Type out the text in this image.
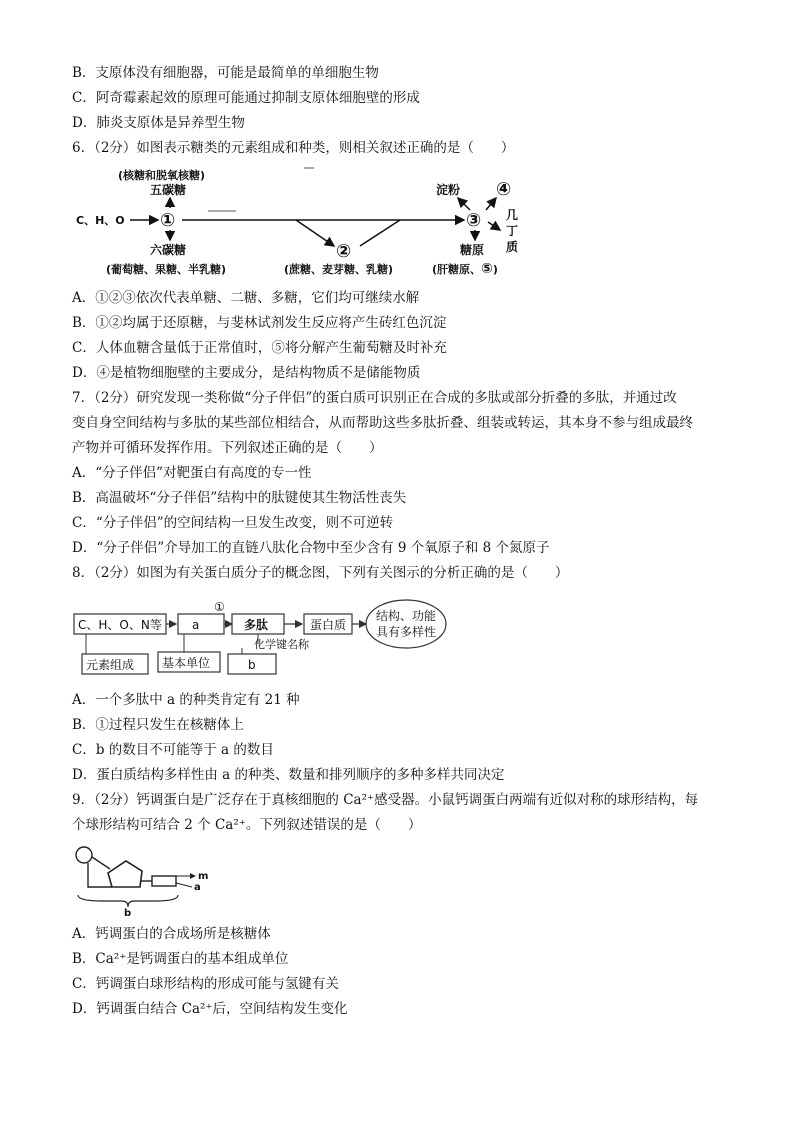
B．支原体没有细胞器，可能是最简单的单细胞生物
C．阿奇霉素起效的原理可能通过抑制支原体细胞壁的形成
D．肺炎支原体是异养型生物
6．（2分）如图表示糖类的元素组成和种类，则相关叙述正确的是（　　）
(核糖和脱氧核糖)
五碳糖
C、H、O ①
六碳糖
(葡萄糖、果糖、半乳糖)
②
(蔗糖、麦芽糖、乳糖)
③
淀粉 ④
几
丁
质
糖原
(肝糖原、⑤)
A．①②③依次代表单糖、二糖、多糖，它们均可继续水解
B．①②均属于还原糖，与斐林试剂发生反应将产生砖红色沉淀
C．人体血糖含量低于正常值时，⑤将分解产生葡萄糖及时补充
D．④是植物细胞壁的主要成分，是结构物质不是储能物质
7．（2分）研究发现一类称做“分子伴侣”的蛋白质可识别正在合成的多肽或部分折叠的多肽，并通过改
变自身空间结构与多肽的某些部位相结合，从而帮助这些多肽折叠、组装或转运，其本身不参与组成最终
产物并可循环发挥作用。下列叙述正确的是（　　）
A．“分子伴侣”对靶蛋白有高度的专一性
B．高温破坏“分子伴侣”结构中的肽键使其生物活性丧失
C．“分子伴侣”的空间结构一旦发生改变，则不可逆转
D．“分子伴侣”介导加工的直链八肽化合物中至少含有 9 个氧原子和 8 个氮原子
8．（2分）如图为有关蛋白质分子的概念图，下列有关图示的分析正确的是（　　）
C、H、O、N等	a
①
多肽	蛋白质
结构、功能
具有多样性
元素组成 基本单位
化学键名称
b
A．一个多肽中 a 的种类肯定有 21 种
B．①过程只发生在核糖体上
C．b 的数目不可能等于 a 的数目
D．蛋白质结构多样性由 a 的种类、数量和排列顺序的多种多样共同决定
9．（2分）钙调蛋白是广泛存在于真核细胞的 Ca²⁺感受器。小鼠钙调蛋白两端有近似对称的球形结构，每
个球形结构可结合 2 个 Ca²⁺。下列叙述错误的是（　　）
m
a
b
A．钙调蛋白的合成场所是核糖体
B．Ca²⁺是钙调蛋白的基本组成单位
C．钙调蛋白球形结构的形成可能与氢键有关
D．钙调蛋白结合 Ca²⁺后，空间结构发生变化
